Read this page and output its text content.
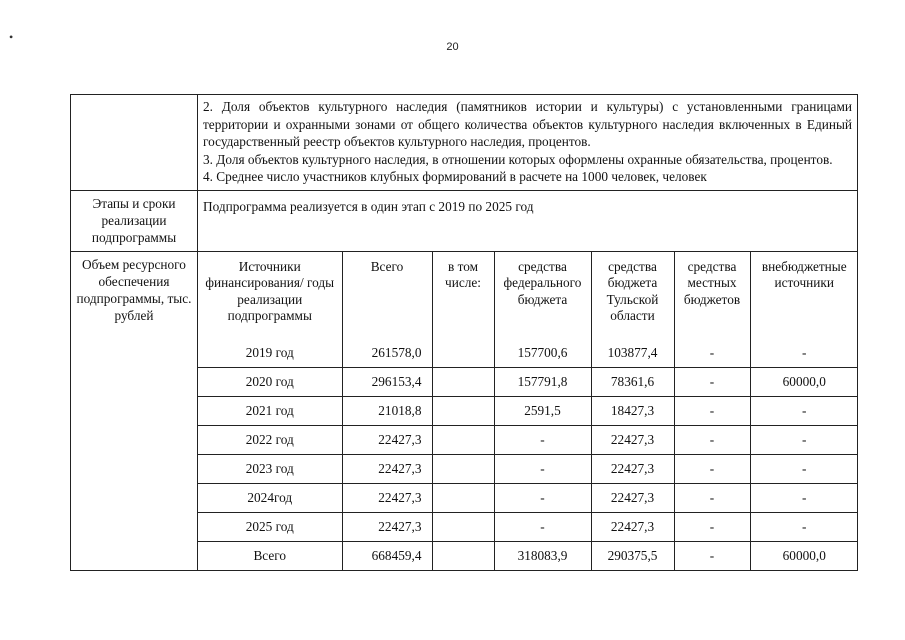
•
20

2. Доля объектов культурного наследия (памятников истории и культуры) с установленными границами территории и охранными зонами от общего количества объектов культурного наследия включенных в Единый государственный реестр объектов культурного наследия, процентов.

3. Доля объектов культурного наследия, в отношении которых оформлены охранные обязательства, процентов.

4. Среднее число участников клубных формирований в расчете на 1000 человек, человек

Этапы и сроки реализации подпрограммы	Подпрограмма реализуется в один этап с 2019 по 2025 год
Объем ресурсного обеспечения подпрограммы, тыс. рублей	
Источники финансирования/ годы реализации подпрограммы	Всего	в том числе:	средства федерального бюджета	средства бюджета Тульской области	средства местных бюджетов	внебюджетные источники
2019 год	261578,0		157700,6	103877,4	-	-
2020 год	296153,4		157791,8	78361,6	-	60000,0
2021 год	21018,8		2591,5	18427,3	-	-
2022 год	22427,3		-	22427,3	-	-
2023 год	22427,3		-	22427,3	-	-
2024год	22427,3		-	22427,3	-	-
2025 год	22427,3		-	22427,3	-	-
Всего	668459,4		318083,9	290375,5	-	60000,0
